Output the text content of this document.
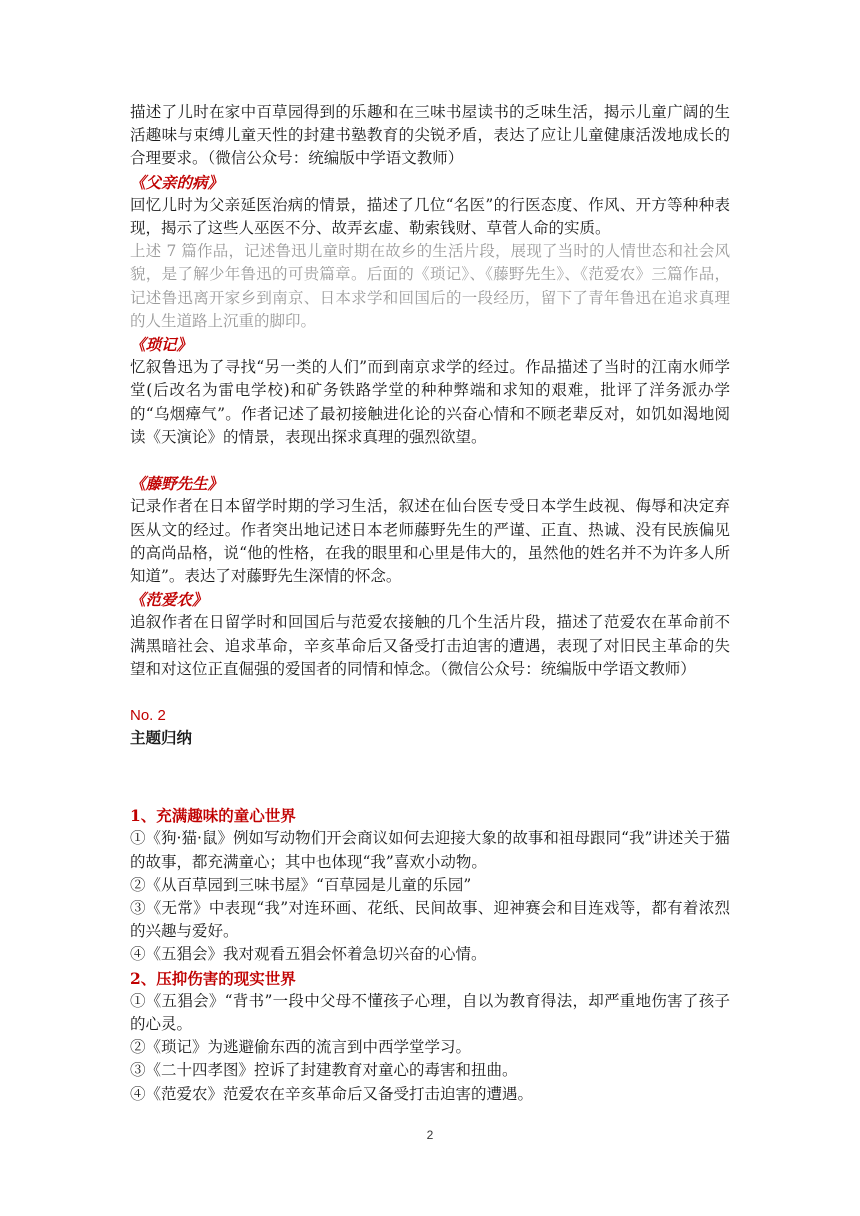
描述了儿时在家中百草园得到的乐趣和在三味书屋读书的乏味生活，揭示儿童广阔的生活趣味与束缚儿童天性的封建书塾教育的尖锐矛盾，表达了应让儿童健康活泼地成长的合理要求。（微信公众号：统编版中学语文教师）

《父亲的病》

回忆儿时为父亲延医治病的情景，描述了几位“名医”的行医态度、作风、开方等种种表现，揭示了这些人巫医不分、故弄玄虚、勒索钱财、草菅人命的实质。

上述 7 篇作品，记述鲁迅儿童时期在故乡的生活片段，展现了当时的人情世态和社会风貌，是了解少年鲁迅的可贵篇章。后面的《琐记》、《藤野先生》、《范爱农》三篇作品，记述鲁迅离开家乡到南京、日本求学和回国后的一段经历，留下了青年鲁迅在追求真理的人生道路上沉重的脚印。

《琐记》

忆叙鲁迅为了寻找“另一类的人们”而到南京求学的经过。作品描述了当时的江南水师学堂(后改名为雷电学校)和矿务铁路学堂的种种弊端和求知的艰难，批评了洋务派办学的“乌烟瘴气”。作者记述了最初接触进化论的兴奋心情和不顾老辈反对，如饥如渴地阅读《天演论》的情景，表现出探求真理的强烈欲望。

《藤野先生》

记录作者在日本留学时期的学习生活，叙述在仙台医专受日本学生歧视、侮辱和决定弃医从文的经过。作者突出地记述日本老师藤野先生的严谨、正直、热诚、没有民族偏见的高尚品格，说“他的性格，在我的眼里和心里是伟大的，虽然他的姓名并不为许多人所知道”。表达了对藤野先生深情的怀念。

《范爱农》

追叙作者在日留学时和回国后与范爱农接触的几个生活片段，描述了范爱农在革命前不满黑暗社会、追求革命，辛亥革命后又备受打击迫害的遭遇，表现了对旧民主革命的失望和对这位正直倔强的爱国者的同情和悼念。（微信公众号：统编版中学语文教师）

No. 2

主题归纳

1、充满趣味的童心世界

①《狗·猫·鼠》例如写动物们开会商议如何去迎接大象的故事和祖母跟同“我”讲述关于猫的故事，都充满童心；其中也体现“我”喜欢小动物。

②《从百草园到三味书屋》“百草园是儿童的乐园”

③《无常》中表现“我”对连环画、花纸、民间故事、迎神赛会和目连戏等，都有着浓烈的兴趣与爱好。

④《五猖会》我对观看五猖会怀着急切兴奋的心情。

2、压抑伤害的现实世界

①《五猖会》“背书”一段中父母不懂孩子心理，自以为教育得法，却严重地伤害了孩子的心灵。

②《琐记》为逃避偷东西的流言到中西学堂学习。

③《二十四孝图》控诉了封建教育对童心的毒害和扭曲。

④《范爱农》范爱农在辛亥革命后又备受打击迫害的遭遇。

2
